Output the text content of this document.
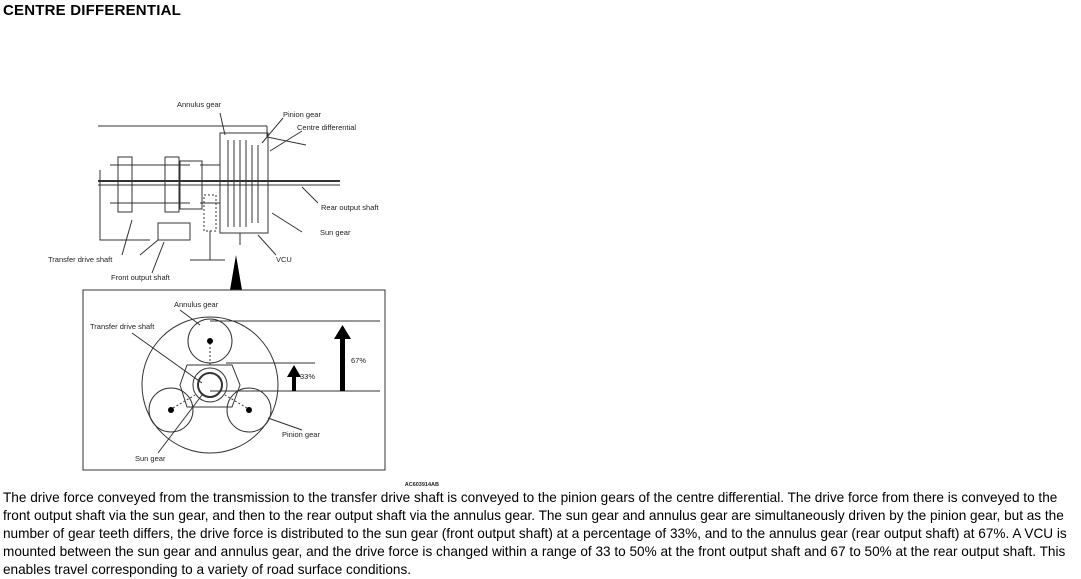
CENTRE DIFFERENTIAL
Annulus gear
Pinion gear
Centre differential
Rear output shaft
Sun gear
Transfer drive shaft	VCU
Front output shaft
Annulus gear
Transfer drive shaft
67%
33%
Pinion gear
Sun gear
AC603914AB

The drive force conveyed from the transmission to the transfer drive shaft is conveyed to the pinion gears of the centre differential. The drive force from there is conveyed to the front output shaft via the sun gear, and then to the rear output shaft via the annulus gear. The sun gear and annulus gear are simultaneously driven by the pinion gear, but as the number of gear teeth differs, the drive force is distributed to the sun gear (front output shaft) at a percentage of 33%, and to the annulus gear (rear output shaft) at 67%. A VCU is mounted between the sun gear and annulus gear, and the drive force is changed within a range of 33 to 50% at the front output shaft and 67 to 50% at the rear output shaft. This enables travel corresponding to a variety of road surface conditions.
